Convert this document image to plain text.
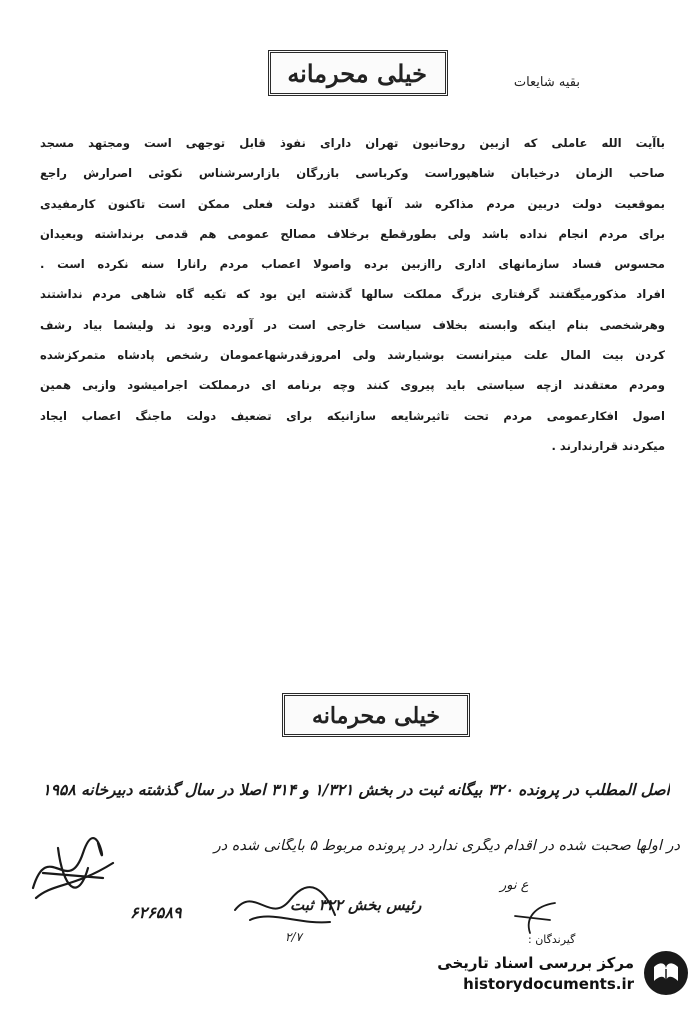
بقیه شایعات
خیلی محرمانه
باآیت الله عاملی که ازبین روحانیون تهران دارای نفوذ قابل توجهی است ومجتهد مسجد
صاحب الزمان درخیابان شاهپوراست وکرباسی بازرگان بازارسرشناس نکوئی اصرارش راجع
بموقعیت دولت دربین مردم مذاکره شد آنها گفتند دولت فعلی ممکن است تاکنون کارمفیدی
برای مردم انجام نداده باشد ولی بطورقطع برخلاف مصالح عمومی هم قدمی برنداشته وبعیدان
محسوس فساد سازمانهای اداری راازبین برده واصولا اعصاب مردم رانارا سنه نکرده است .
افراد مذکورمیگفتند گرفتاری بزرگ مملکت سالها گذشته این بود که تکیه گاه شاهی مردم نداشتند
وهرشخصی بنام اینکه وابسته بخلاف سیاست خارجی است در آورده وبود ند ولیشما بیاد رشف
کردن بیت المال علت میترانست بوشیارشد ولی امروزقدرشهاعمومان رشخص پادشاه متمرکزشده
ومردم معتقدند ازچه سیاستی باید پیروی کنند وچه برنامه ای درمملکت اجرامیشود وازبی همین
اصول افکارعمومی مردم تحت تاثیرشایعه سازانیکه برای تضعیف دولت ماجنگ اعصاب ایجاد
میکردند قرارندارند .
خیلی محرمانه
اصل المطلب در پرونده ۳۲۰ بیگانه ثبت در بخش ۱/۳۲۱ و ۳۱۴ اصلا در سال گذشته دبیرخانه ۱۹۵۸
در اولها صحبت شده در اقدام دیگری ندارد در پرونده مربوط ۵ بایگانی شده در
۶۲۶۵۸۹	رئیس بخش ۳۲۲ ثبت
ع نور
۲/۷	گیرندگان :
مرکز بررسی اسناد تاریخی
historydocuments.ir
